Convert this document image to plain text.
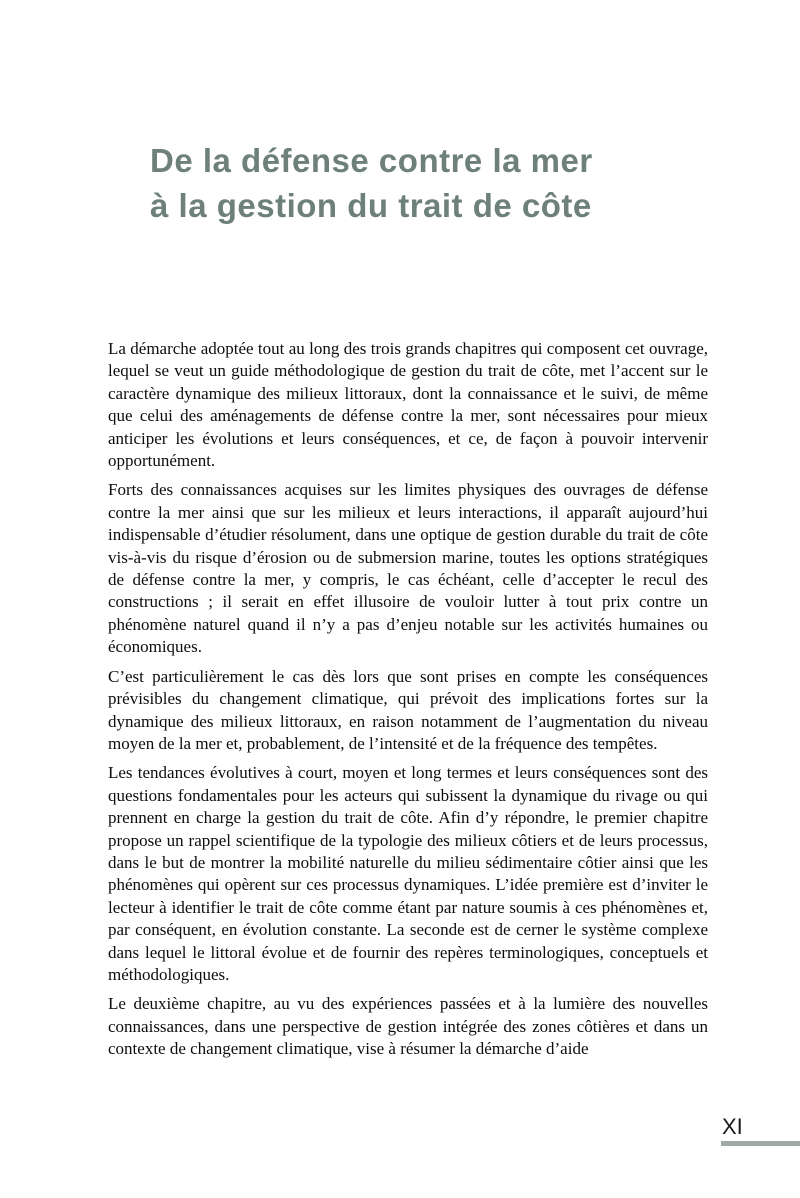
De la défense contre la mer
à la gestion du trait de côte

La démarche adoptée tout au long des trois grands chapitres qui composent cet ouvrage, lequel se veut un guide méthodologique de gestion du trait de côte, met l’accent sur le caractère dynamique des milieux littoraux, dont la connaissance et le suivi, de même que celui des aménagements de défense contre la mer, sont nécessaires pour mieux anticiper les évolutions et leurs conséquences, et ce, de façon à pouvoir intervenir opportunément.

Forts des connaissances acquises sur les limites physiques des ouvrages de défense contre la mer ainsi que sur les milieux et leurs interactions, il apparaît aujourd’hui indispensable d’étudier résolument, dans une optique de gestion durable du trait de côte vis-à-vis du risque d’érosion ou de submersion marine, toutes les options stratégiques de défense contre la mer, y compris, le cas échéant, celle d’accepter le recul des constructions ; il serait en effet illusoire de vouloir lutter à tout prix contre un phénomène naturel quand il n’y a pas d’enjeu notable sur les activités humaines ou économiques.

C’est particulièrement le cas dès lors que sont prises en compte les conséquences prévisibles du changement climatique, qui prévoit des implications fortes sur la dynamique des milieux littoraux, en raison notamment de l’augmentation du niveau moyen de la mer et, probablement, de l’intensité et de la fréquence des tempêtes.

Les tendances évolutives à court, moyen et long termes et leurs conséquences sont des questions fondamentales pour les acteurs qui subissent la dynamique du rivage ou qui prennent en charge la gestion du trait de côte. Afin d’y répondre, le premier chapitre propose un rappel scientifique de la typologie des milieux côtiers et de leurs processus, dans le but de montrer la mobilité naturelle du milieu sédimentaire côtier ainsi que les phénomènes qui opèrent sur ces processus dynamiques. L’idée première est d’inviter le lecteur à identifier le trait de côte comme étant par nature soumis à ces phénomènes et, par conséquent, en évolution constante. La seconde est de cerner le système complexe dans lequel le littoral évolue et de fournir des repères terminologiques, conceptuels et méthodologiques.

Le deuxième chapitre, au vu des expériences passées et à la lumière des nouvelles connaissances, dans une perspective de gestion intégrée des zones côtières et dans un contexte de changement climatique, vise à résumer la démarche d’aide

XI
